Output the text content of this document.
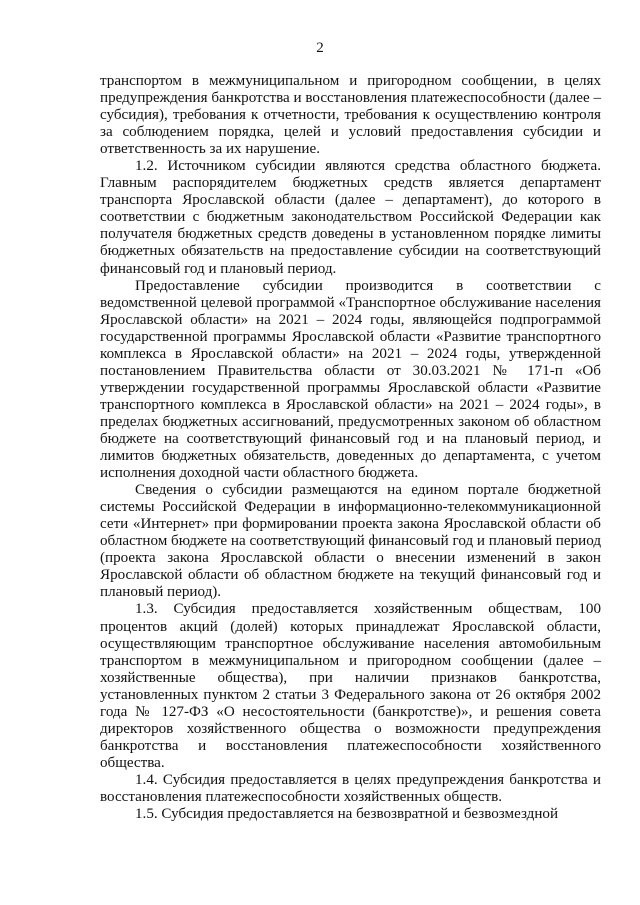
2

транспортом в межмуниципальном и пригородном сообщении, в целях предупреждения банкротства и восстановления платежеспособности (далее – субсидия), требования к отчетности, требования к осуществлению контроля за соблюдением порядка, целей и условий предоставления субсидии и ответственность за их нарушение.

1.2. Источником субсидии являются средства областного бюджета. Главным распорядителем бюджетных средств является департамент транспорта Ярославской области (далее – департамент), до которого в соответствии с бюджетным законодательством Российской Федерации как получателя бюджетных средств доведены в установленном порядке лимиты бюджетных обязательств на предоставление субсидии на соответствующий финансовый год и плановый период.

Предоставление субсидии производится в соответствии с ведомственной целевой программой «Транспортное обслуживание населения Ярославской области» на 2021 – 2024 годы, являющейся подпрограммой государственной программы Ярославской области «Развитие транспортного комплекса в Ярославской области» на 2021 – 2024 годы, утвержденной постановлением Правительства области от 30.03.2021 № 171-п «Об утверждении государственной программы Ярославской области «Развитие транспортного комплекса в Ярославской области» на 2021 – 2024 годы», в пределах бюджетных ассигнований, предусмотренных законом об областном бюджете на соответствующий финансовый год и на плановый период, и лимитов бюджетных обязательств, доведенных до департамента, с учетом исполнения доходной части областного бюджета.

Сведения о субсидии размещаются на едином портале бюджетной системы Российской Федерации в информационно-телекоммуникационной сети «Интернет» при формировании проекта закона Ярославской области об областном бюджете на соответствующий финансовый год и плановый период (проекта закона Ярославской области о внесении изменений в закон Ярославской области об областном бюджете на текущий финансовый год и плановый период).

1.3. Субсидия предоставляется хозяйственным обществам, 100 процентов акций (долей) которых принадлежат Ярославской области, осуществляющим транспортное обслуживание населения автомобильным транспортом в межмуниципальном и пригородном сообщении (далее – хозяйственные общества), при наличии признаков банкротства, установленных пунктом 2 статьи 3 Федерального закона от 26 октября 2002 года № 127-ФЗ «О несостоятельности (банкротстве)», и решения совета директоров хозяйственного общества о возможности предупреждения банкротства и восстановления платежеспособности хозяйственного общества.

1.4. Субсидия предоставляется в целях предупреждения банкротства и восстановления платежеспособности хозяйственных обществ.

1.5. Субсидия предоставляется на безвозвратной и безвозмездной
